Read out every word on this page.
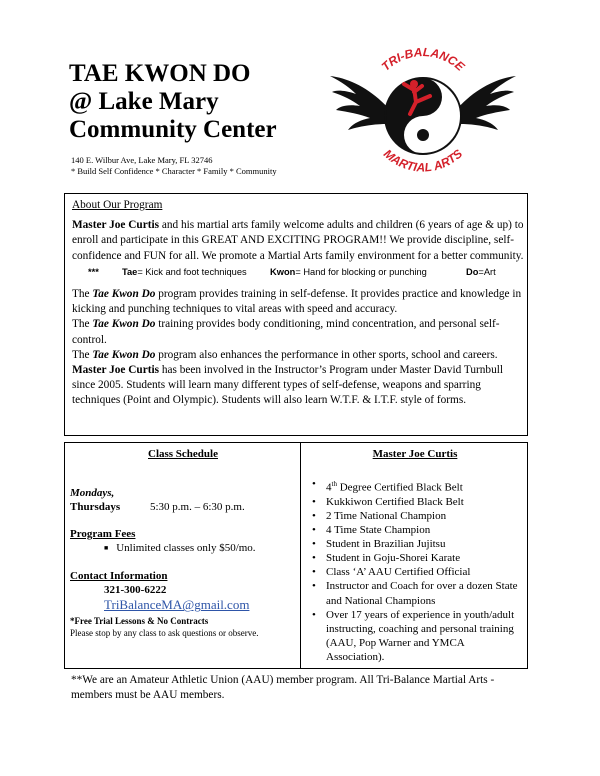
TAE KWON DO
@ Lake Mary
Community Center
140 E. Wilbur Ave, Lake Mary, FL 32746
* Build Self Confidence * Character * Family * Community
TRI-BALANCE
MARTIAL ARTS

About Our Program

Master Joe Curtis and his martial arts family welcome adults and children (6 years of age & up) to enroll and participate in this GREAT AND EXCITING PROGRAM!! We provide discipline, self-confidence and FUN for all. We promote a Martial Arts family environment for a better community.

*** Tae= Kick and foot techniques	Kwon= Hand for blocking or punching	Do=Art

The Tae Kwon Do program provides training in self-defense. It provides practice and knowledge in kicking and punching techniques to vital areas with speed and accuracy.

The Tae Kwon Do training provides body conditioning, mind concentration, and personal self-control.

The Tae Kwon Do program also enhances the performance in other sports, school and careers.

Master Joe Curtis has been involved in the Instructor’s Program under Master David Turnbull since 2005. Students will learn many different types of self-defense, weapons and sparring techniques (Point and Olympic). Students will also learn W.T.F. & I.T.F. style of forms.

Class Schedule
Mondays,
Thursdays	5:30 p.m. – 6:30 p.m.
Program Fees
■ Unlimited classes only $50/mo.
Contact Information
321-300-6222
TriBalanceMA@gmail.com
*Free Trial Lessons & No Contracts
Please stop by any class to ask questions or observe.
Master Joe Curtis
• 4th Degree Certified Black Belt
• Kukkiwon Certified Black Belt
• 2 Time National Champion
• 4 Time State Champion
• Student in Brazilian Jujitsu
• Student in Goju-Shorei Karate
• Class ‘A’ AAU Certified Official
• Instructor and Coach for over a dozen State and National Champions
• Over 17 years of experience in youth/adult instructing, coaching and personal training (AAU, Pop Warner and YMCA Association).
**We are an Amateur Athletic Union (AAU) member program. All Tri-Balance Martial Arts - members must be AAU members.
